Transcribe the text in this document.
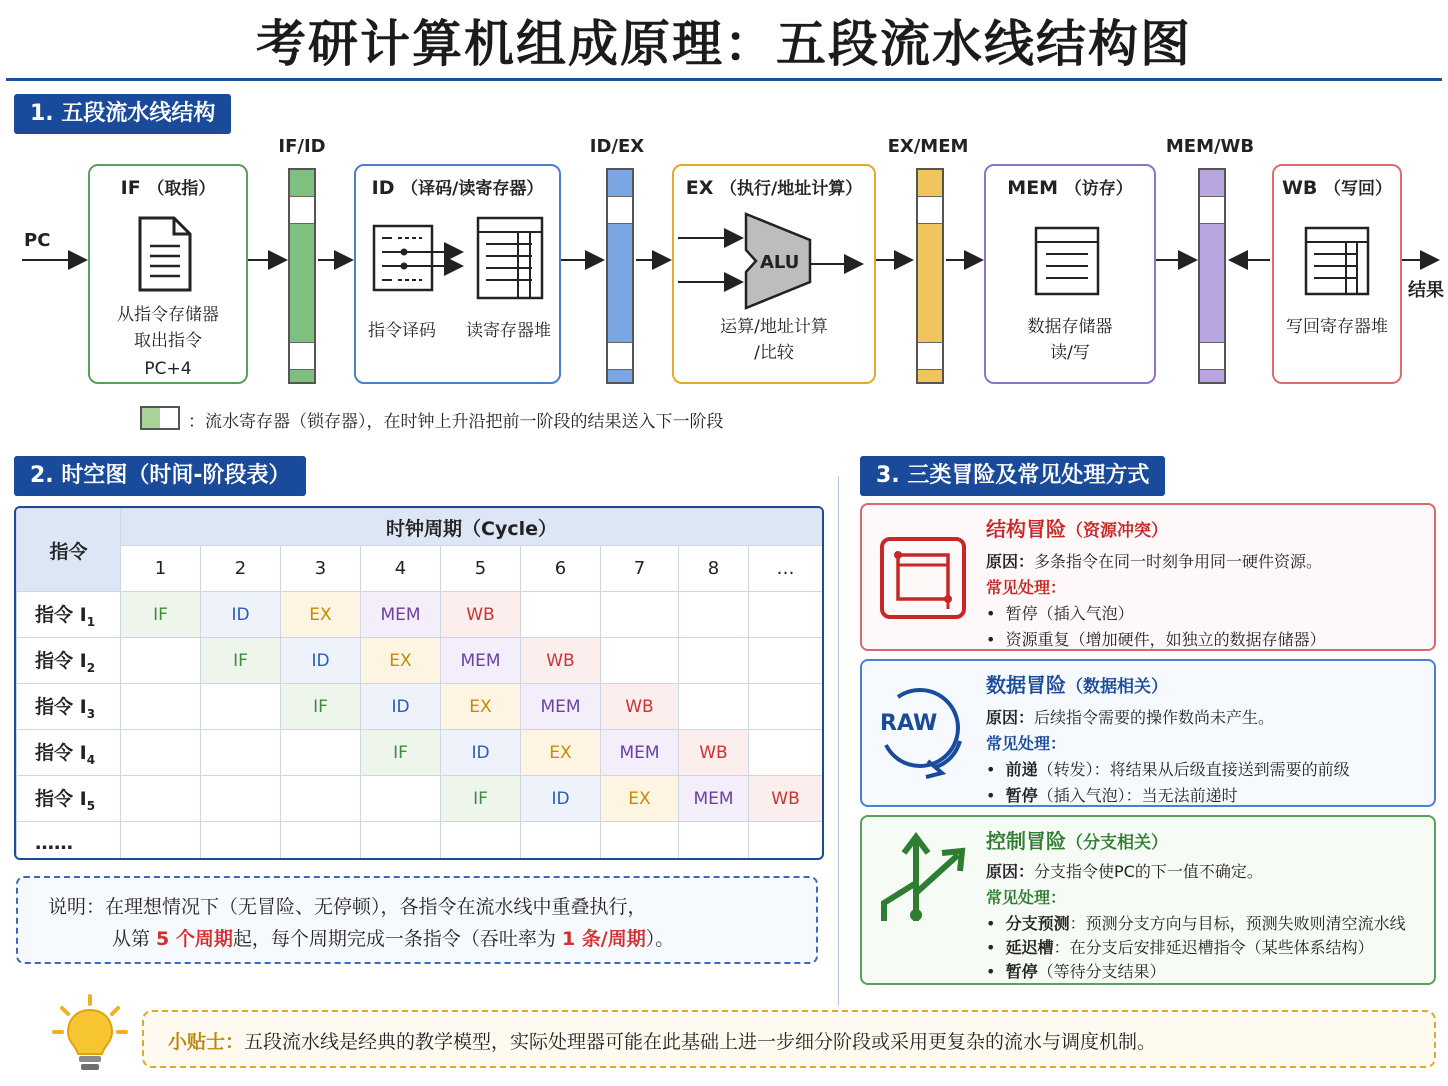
考研计算机组成原理：五段流水线结构图
1. 五段流水线结构
PC
结果
IF （取指）
从指令存储器
取出指令
PC+4
IF/ID
ID （译码/读寄存器）
指令译码 读寄存器堆
ID/EX
EX （执行/地址计算）
ALU
运算/地址计算
/比较
EX/MEM
MEM （访存）
数据存储器
读/写
MEM/WB
WB （写回）
写回寄存器堆
：流水寄存器（锁存器），在时钟上升沿把前一阶段的结果送入下一阶段
2. 时空图（时间-阶段表）
指令	时钟周期（Cycle）								
	1	2	3	4	5	6	7	8	…
指令 $I_1$	IF	ID	EX	MEM	WB				
指令 $I_2$		IF	ID	EX	MEM	WB			
指令 $I_3$			IF	ID	EX	MEM	WB		
指令 $I_4$				IF	ID	EX	MEM	WB	
指令 $I_5$					IF	ID	EX	MEM	WB
……									
说明：在理想情况下（无冒险、无停顿），各指令在流水线中重叠执行，
从第 5 个周期起，每个周期完成一条指令（吞吐率为 1 条/周期）。
3. 三类冒险及常见处理方式
结构冒险（资源冲突）
原因：多条指令在同一时刻争用同一硬件资源。
常见处理：
•  暂停（插入气泡）
•  资源重复（增加硬件，如独立的数据存储器）
RAW
数据冒险（数据相关）
原因：后续指令需要的操作数尚未产生。
常见处理：
•  前递（转发）：将结果从后级直接送到需要的前级
•  暂停（插入气泡）：当无法前递时
控制冒险（分支相关）
原因：分支指令使PC的下一值不确定。
常见处理：
•  分支预测：预测分支方向与目标，预测失败则清空流水线
•  延迟槽：在分支后安排延迟槽指令（某些体系结构）
•  暂停（等待分支结果）
小贴士：五段流水线是经典的教学模型，实际处理器可能在此基础上进一步细分阶段或采用更复杂的流水与调度机制。
